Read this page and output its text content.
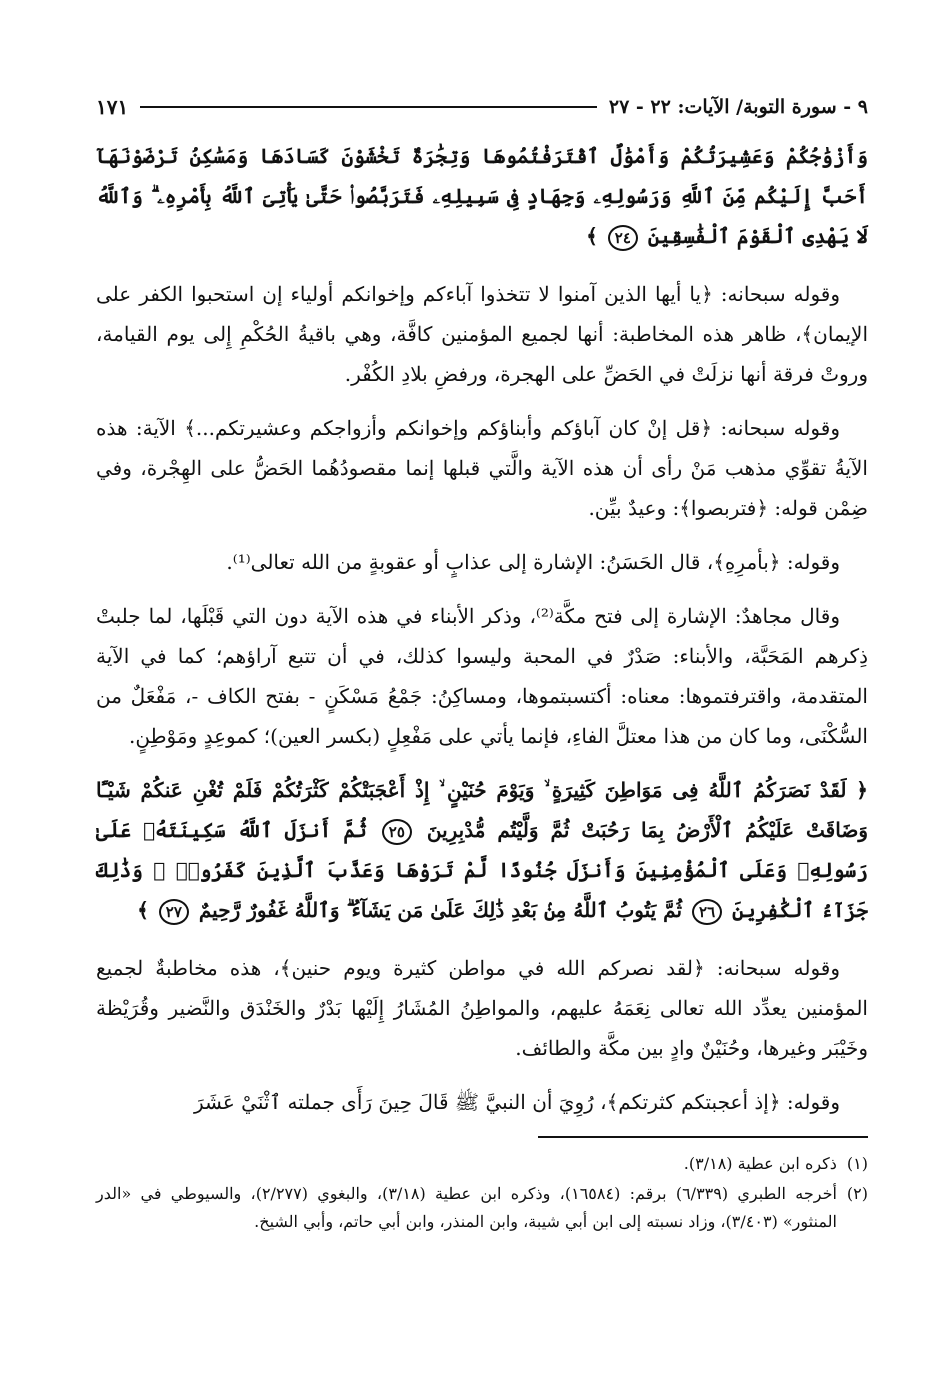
٩ - سورة التوبة/ الآيات: ٢٢ - ٢٧
١٧١
وَأَزْوَٰجُكُمْ وَعَشِيرَتُكُمْ وَأَمْوَٰلٌ ٱقْتَرَفْتُمُوهَا وَتِجَٰرَةٌ تَخْشَوْنَ كَسَادَهَا وَمَسَٰكِنُ تَرْضَوْنَهَآ أَحَبَّ إِلَيْكُم مِّنَ ٱللَّهِ وَرَسُولِهِۦ وَجِهَادٍ فِى سَبِيلِهِۦ فَتَرَبَّصُوا۟ حَتَّىٰ يَأْتِىَ ٱللَّهُ بِأَمْرِهِۦ ۗ وَٱللَّهُ لَا يَهْدِى ٱلْقَوْمَ ٱلْفَٰسِقِينَ ٢٤ ﴾

وقوله سبحانه: ﴿يا أيها الذين آمنوا لا تتخذوا آباءكم وإخوانكم أولياء إن استحبوا الكفر على الإيمان﴾، ظاهر هذه المخاطبة: أنها لجميع المؤمنين كافَّة، وهي باقيةُ الحُكْمِ إِلى يوم القيامة، وروتْ فرقة أنها نزلَتْ في الحَضِّ على الهجرة، ورفضِ بلادِ الكُفْر.

وقوله سبحانه: ﴿قل إنْ كان آباؤكم وأبناؤكم وإخوانكم وأزواجكم وعشيرتكم...﴾ الآية: هذه الآيةُ تقوِّي مذهب مَنْ رأى أن هذه الآية والَّتي قبلها إنما مقصودُهُما الحَضُّ على الهِجْرة، وفي ضِمْن قوله: ﴿فتربصوا﴾: وعيدٌ بيِّن.

وقوله: ﴿بأمرِهِ﴾، قال الحَسَنُ: الإشارة إلى عذابٍ أو عقوبةٍ من الله تعالى⁽¹⁾.

وقال مجاهدٌ: الإشارة إلى فتح مكَّة⁽²⁾، وذكر الأبناء في هذه الآية دون التي قَبْلَها، لما جلبتْ ذِكرهم المَحَبَّة، والأبناء: صَدْرٌ في المحبة وليسوا كذلك، في أن تتبع آراؤهم؛ كما في الآية المتقدمة، واقترفتموها: معناه: أكتسبتموها، ومساكِنُ: جَمْعُ مَسْكَنٍ - بفتح الكاف -، مَفْعَلٌ من السُّكْنَى، وما كان من هذا معتلَّ الفاءِ، فإنما يأتي على مَفْعِلٍ (بكسر العين)؛ كموعِدٍ ومَوْطِنٍ.

﴿ لَقَدْ نَصَرَكُمُ ٱللَّهُ فِى مَوَاطِنَ كَثِيرَةٍ ۙ وَيَوْمَ حُنَيْنٍ ۙ إِذْ أَعْجَبَتْكُمْ كَثْرَتُكُمْ فَلَمْ تُغْنِ عَنكُمْ شَيْـًٔا وَضَاقَتْ عَلَيْكُمُ ٱلْأَرْضُ بِمَا رَحُبَتْ ثُمَّ وَلَّيْتُم مُّدْبِرِينَ ٢٥ ثُمَّ أَنزَلَ ٱللَّهُ سَكِينَتَهُۥ عَلَىٰ رَسُولِهِۦ وَعَلَى ٱلْمُؤْمِنِينَ وَأَنزَلَ جُنُودًا لَّمْ تَرَوْهَا وَعَذَّبَ ٱلَّذِينَ كَفَرُوا۟ ۚ وَذَٰلِكَ جَزَآءُ ٱلْكَٰفِرِينَ ٢٦ ثُمَّ يَتُوبُ ٱللَّهُ مِنۢ بَعْدِ ذَٰلِكَ عَلَىٰ مَن يَشَآءُ ۗ وَٱللَّهُ غَفُورٌ رَّحِيمٌ ٢٧ ﴾

وقوله سبحانه: ﴿لقد نصركم الله في مواطن كثيرة ويوم حنين﴾، هذه مخاطبةٌ لجميع المؤمنين يعدِّد الله تعالى نِعَمَهُ عليهم، والمواطِنُ المُشَارُ إِلَيْها بَدْرٌ والخَنْدَق والنَّضير وقُرَيْظة وخَيْبَر وغيرها، وحُنَيْنٌ وادٍ بين مكَّة والطائف.

وقوله: ﴿إذ أعجبتكم كثرتكم﴾، رُوِيَ أن النبيَّ ﷺ قَالَ حِينَ رَأَى جملته ٱثْنَيْ عَشَرَ

(١)
ذكره ابن عطية (٣/١٨).
(٢)
أخرجه الطبري (٦/٣٣٩) برقم: (١٦٥٨٤)، وذكره ابن عطية (٣/١٨)، والبغوي (٢/٢٧٧)، والسيوطي في «الدر المنثور» (٣/٤٠٣)، وزاد نسبته إلى ابن أبي شيبة، وابن المنذر، وابن أبي حاتم، وأبي الشيخ.
